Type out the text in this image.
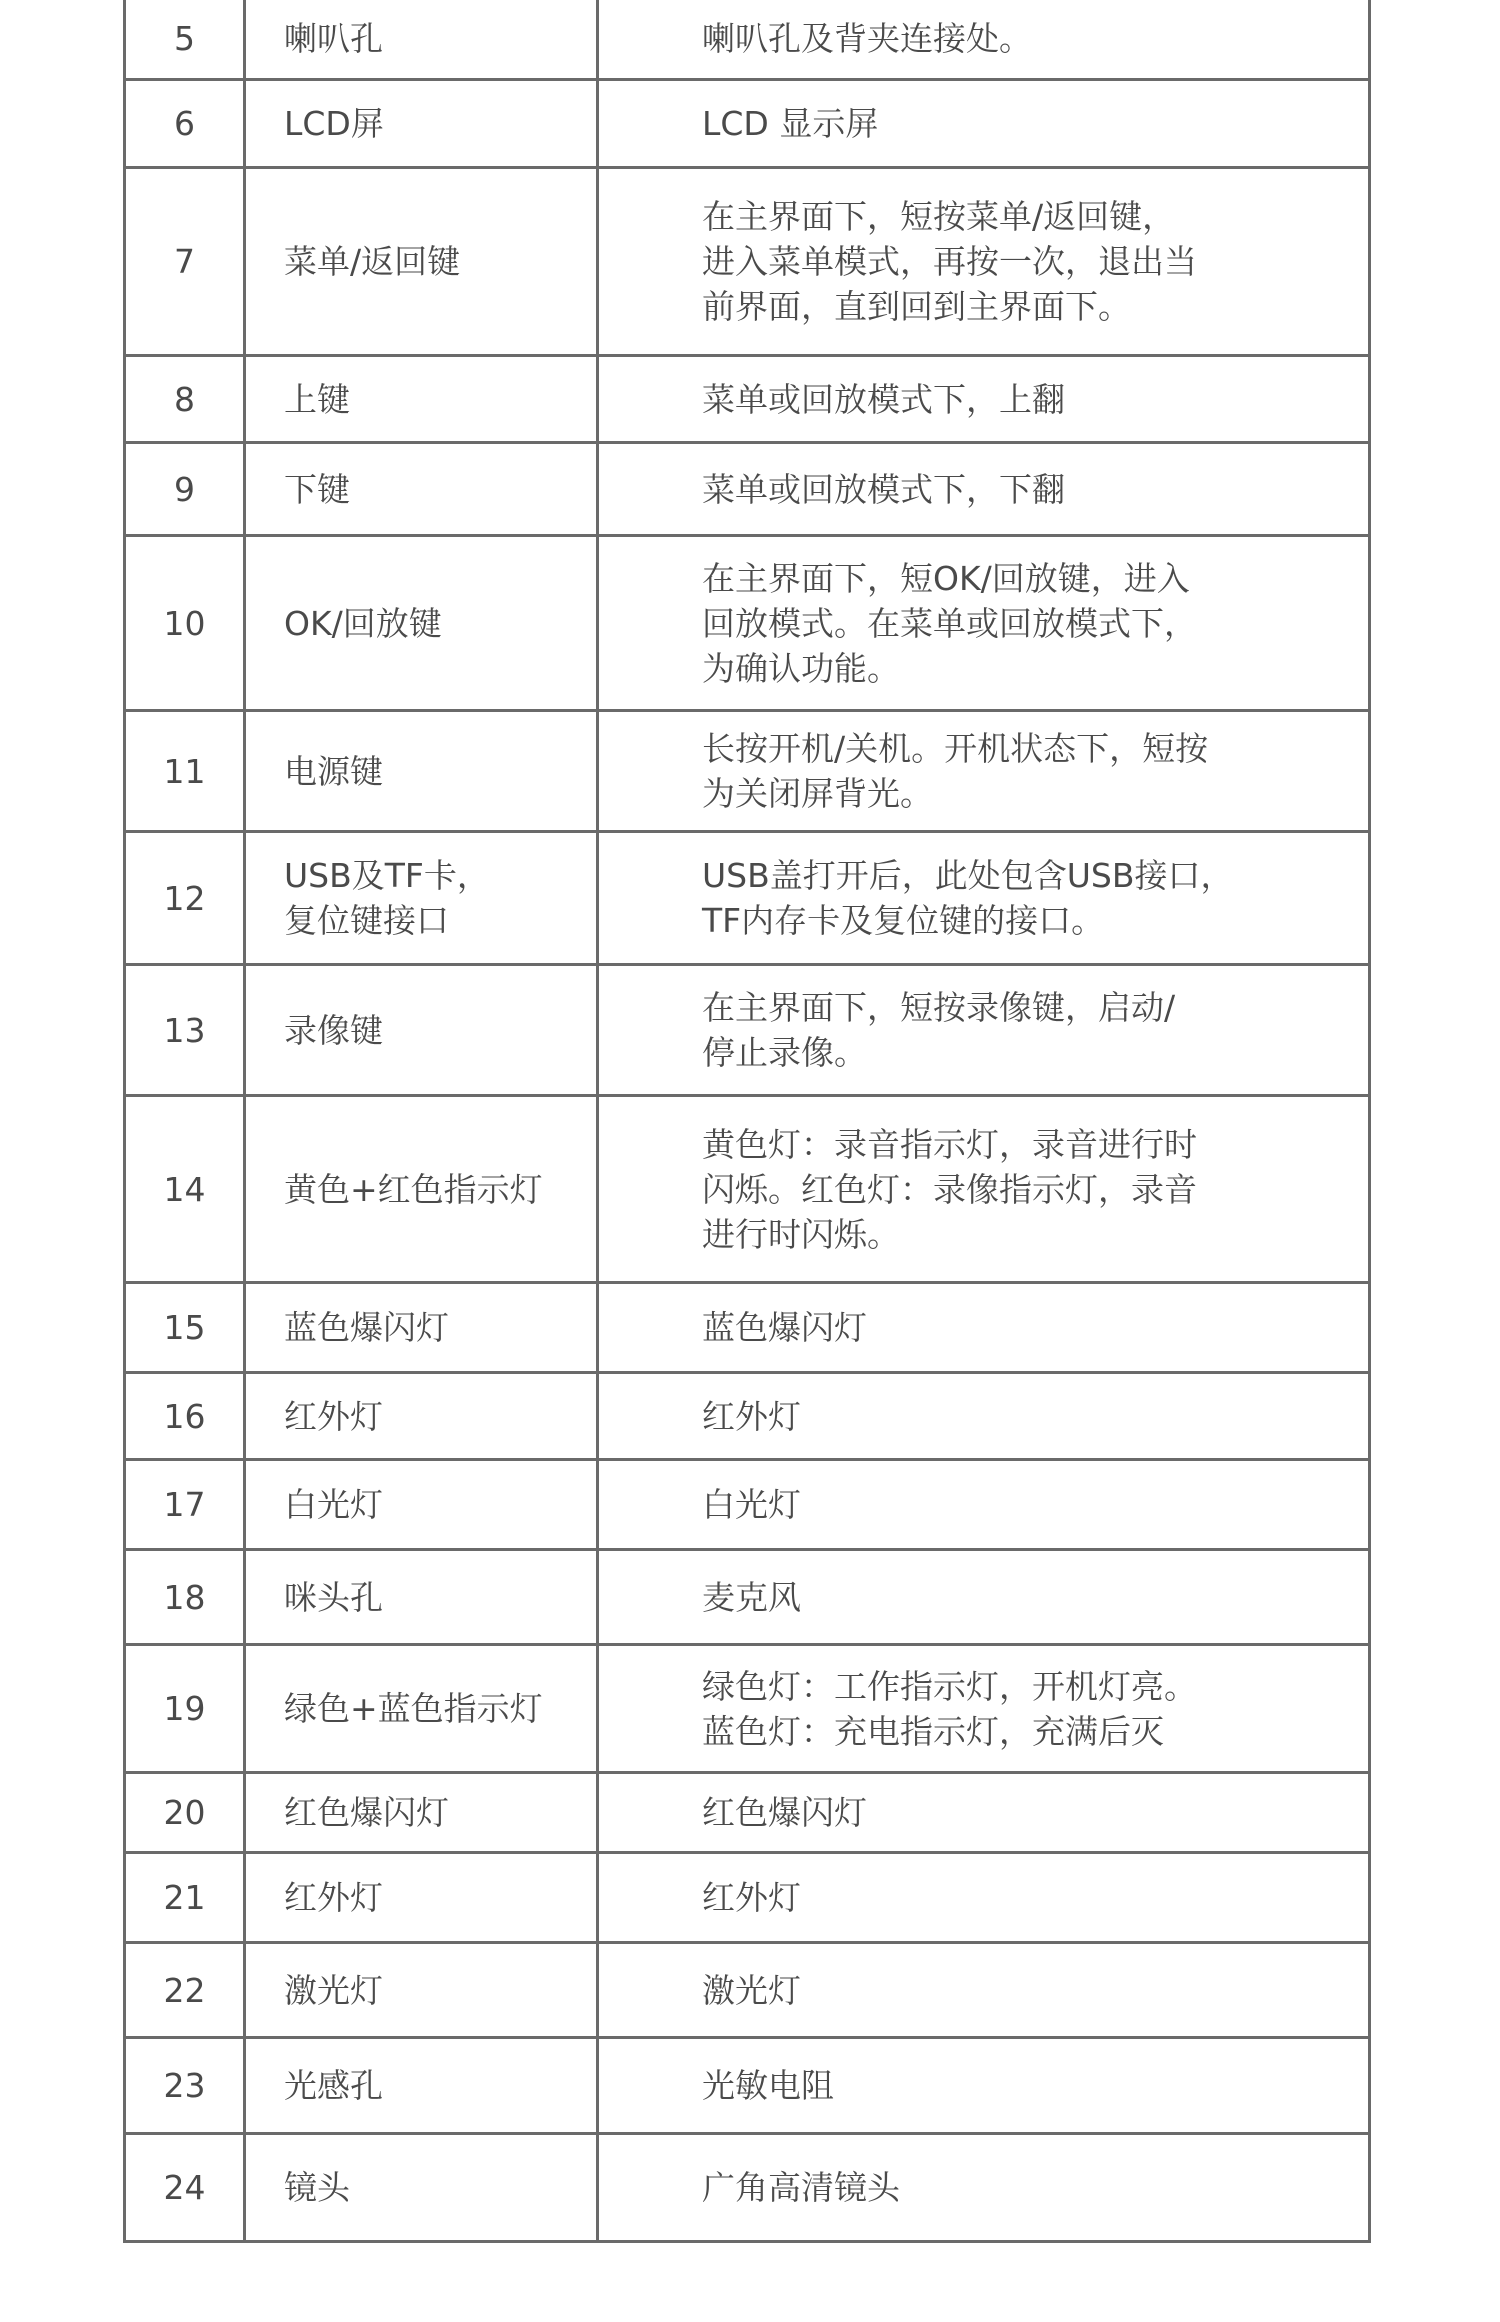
5	喇叭孔	喇叭孔及背夹连接处。

6	LCD屏	LCD 显示屏

7	菜单/返回键	在主界面下，短按菜单/返回键，
进入菜单模式，再按一次，退出当
前界面，直到回到主界面下。

8	上键	菜单或回放模式下，上翻

9	下键	菜单或回放模式下，下翻

10	OK/回放键	在主界面下，短OK/回放键，进入
回放模式。在菜单或回放模式下，
为确认功能。

11	电源键	长按开机/关机。开机状态下，短按
为关闭屏背光。

12	USB及TF卡，
复位键接口	USB盖打开后，此处包含USB接口，
TF内存卡及复位键的接口。

13	录像键	在主界面下，短按录像键，启动/
停止录像。

14	黄色+红色指示灯	黄色灯：录音指示灯，录音进行时
闪烁。红色灯：录像指示灯，录音
进行时闪烁。

15	蓝色爆闪灯	蓝色爆闪灯

16	红外灯	红外灯

17	白光灯	白光灯

18	咪头孔	麦克风

19	绿色+蓝色指示灯	绿色灯：工作指示灯，开机灯亮。
蓝色灯：充电指示灯，充满后灭

20	红色爆闪灯	红色爆闪灯

21	红外灯	红外灯

22	激光灯	激光灯

23	光感孔	光敏电阻

24	镜头	广角高清镜头
